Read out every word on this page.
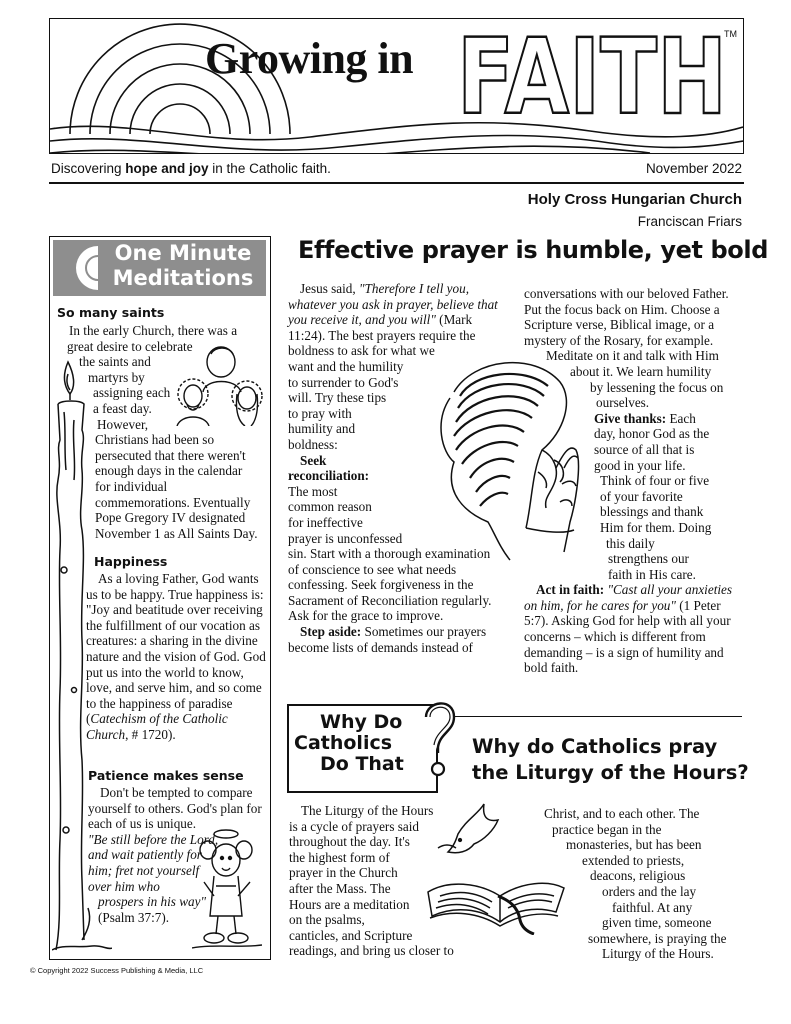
Growing in FAITH
TM
Discovering hope and joy in the Catholic faith.	November 2022
Holy Cross Hungarian Church
Franciscan Friars
One Minute
Meditations
So many saints
In the early Church, there was a
great desire to celebrate
the saints and
martyrs by
assigning each
a feast day.
However,
Christians had been so persecuted that there weren't enough days in the calendar for individual commemorations. Eventually Pope Gregory IV designated November 1 as All Saints Day.
Happiness

As a loving Father, God wants us to be happy. True happiness is: "Joy and beatitude over receiving the fulfillment of our vocation as creatures: a sharing in the divine nature and the vision of God. God put us into the world to know, love, and serve him, and so come to the happiness of paradise (Catechism of the Catholic Church, # 1720).

Patience makes sense

Don't be tempted to compare yourself to others. God's plan for each of us is unique.

"Be still before the Lord,
and wait patiently for
him; fret not yourself
over him who
prospers in his way"
(Psalm 37:7).
© Copyright 2022 Success Publishing & Media, LLC
Effective prayer is humble, yet bold

Jesus said, "Therefore I tell you, whatever you ask in prayer, believe that you receive it, and you will" (Mark 11:24). The best prayers require the

boldness to ask for what we
want and the humility
to surrender to God's
will. Try these tips
to pray with
humility and
boldness:
Seek
reconciliation:
The most
common reason
for ineffective
prayer is unconfessed

sin. Start with a thorough examination of conscience to see what needs confessing. Seek forgiveness in the Sacrament of Reconciliation regularly. Ask for the grace to improve.

Step aside: Sometimes our prayers become lists of demands instead of

conversations with our beloved Father. Put the focus back on Him. Choose a Scripture verse, Biblical image, or a mystery of the Rosary, for example.

Meditate on it and talk with Him
about it. We learn humility
by lessening the focus on
ourselves.
Give thanks: Each
day, honor God as the
source of all that is
good in your life.
Think of four or five
of your favorite
blessings and thank
Him for them. Doing
this daily
strengthens our
faith in His care.

Act in faith: "Cast all your anxieties on him, for he cares for you" (1 Peter 5:7). Asking God for help with all your concerns – which is different from demanding – is a sign of humility and bold faith.

Why Do
Catholics
Do That
Why do Catholics pray
the Liturgy of the Hours?
The Liturgy of the Hours
is a cycle of prayers said
throughout the day. It's
the highest form of
prayer in the Church
after the Mass. The
Hours are a meditation
on the psalms,
canticles, and Scripture
readings, and bring us closer to
Christ, and to each other. The
practice began in the
monasteries, but has been
extended to priests,
deacons, religious
orders and the lay
faithful. At any
given time, someone
somewhere, is praying the
Liturgy of the Hours.
